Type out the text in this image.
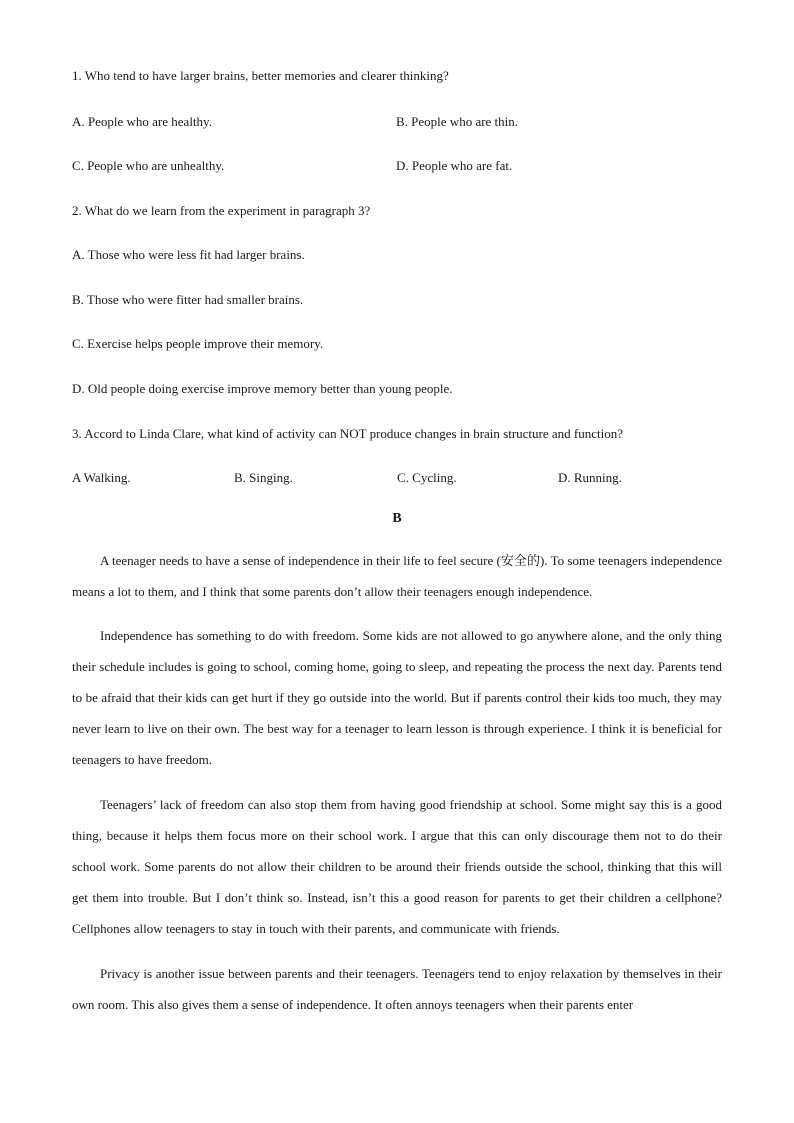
1. Who tend to have larger brains, better memories and clearer thinking?
A. People who are healthy.	B. People who are thin.
C. People who are unhealthy.	D. People who are fat.
2. What do we learn from the experiment in paragraph 3?
A. Those who were less fit had larger brains.
B. Those who were fitter had smaller brains.
C. Exercise helps people improve their memory.
D. Old people doing exercise improve memory better than young people.
3. Accord to Linda Clare, what kind of activity can NOT produce changes in brain structure and function?
A Walking.	B. Singing.	C. Cycling.	D. Running.
B

A teenager needs to have a sense of independence in their life to feel secure (安全的). To some teenagers independence means a lot to them, and I think that some parents don’t allow their teenagers enough independence.

Independence has something to do with freedom. Some kids are not allowed to go anywhere alone, and the only thing their schedule includes is going to school, coming home, going to sleep, and repeating the process the next day. Parents tend to be afraid that their kids can get hurt if they go outside into the world. But if parents control their kids too much, they may never learn to live on their own. The best way for a teenager to learn lesson is through experience. I think it is beneficial for teenagers to have freedom.

Teenagers’ lack of freedom can also stop them from having good friendship at school. Some might say this is a good thing, because it helps them focus more on their school work. I argue that this can only discourage them not to do their school work. Some parents do not allow their children to be around their friends outside the school, thinking that this will get them into trouble. But I don’t think so. Instead, isn’t this a good reason for parents to get their children a cellphone? Cellphones allow teenagers to stay in touch with their parents, and communicate with friends.

Privacy is another issue between parents and their teenagers. Teenagers tend to enjoy relaxation by themselves in their own room. This also gives them a sense of independence. It often annoys teenagers when their parents enter
